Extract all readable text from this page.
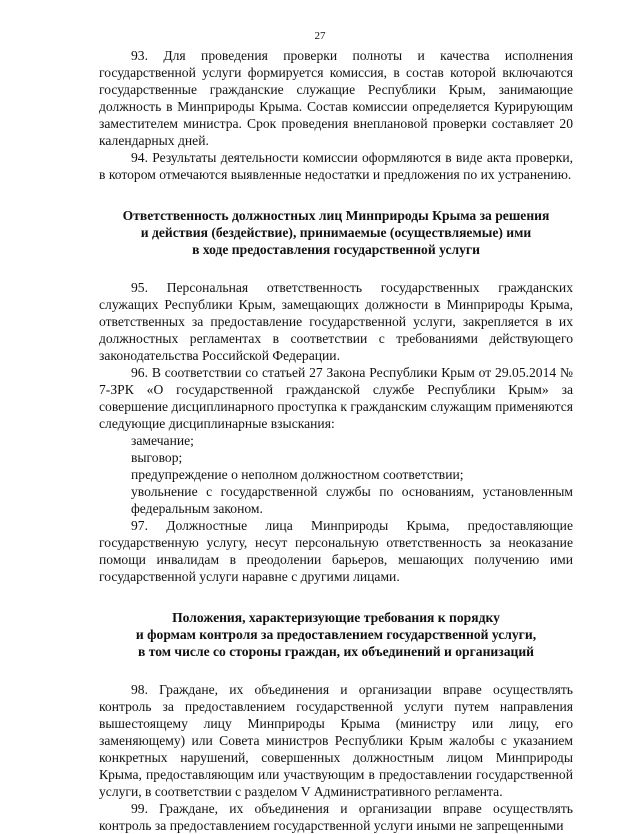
27

93. Для проведения проверки полноты и качества исполнения государственной услуги формируется комиссия, в состав которой включаются государственные гражданские служащие Республики Крым, занимающие должность в Минприроды Крыма. Состав комиссии определяется Курирующим заместителем министра. Срок проведения внеплановой проверки составляет 20 календарных дней.

94. Результаты деятельности комиссии оформляются в виде акта проверки, в котором отмечаются выявленные недостатки и предложения по их устранению.

Ответственность должностных лиц Минприроды Крыма за решения
и действия (бездействие), принимаемые (осуществляемые) ими
в ходе предоставления государственной услуги

95. Персональная ответственность государственных гражданских служащих Республики Крым, замещающих должности в Минприроды Крыма, ответственных за предоставление государственной услуги, закрепляется в их должностных регламентах в соответствии с требованиями действующего законодательства Российской Федерации.

96. В соответствии со статьей 27 Закона Республики Крым от 29.05.2014 № 7-ЗРК «О государственной гражданской службе Республики Крым» за совершение дисциплинарного проступка к гражданским служащим применяются следующие дисциплинарные взыскания:

замечание;

выговор;

предупреждение о неполном должностном соответствии;

увольнение с государственной службы по основаниям, установленным федеральным законом.

97. Должностные лица Минприроды Крыма, предоставляющие государственную услугу, несут персональную ответственность за неоказание помощи инвалидам в преодолении барьеров, мешающих получению ими государственной услуги наравне с другими лицами.

Положения, характеризующие требования к порядку
и формам контроля за предоставлением государственной услуги,
в том числе со стороны граждан, их объединений и организаций

98. Граждане, их объединения и организации вправе осуществлять контроль за предоставлением государственной услуги путем направления вышестоящему лицу Минприроды Крыма (министру или лицу, его заменяющему) или Совета министров Республики Крым жалобы с указанием конкретных нарушений, совершенных должностным лицом Минприроды Крыма, предоставляющим или участвующим в предоставлении государственной услуги, в соответствии с разделом V Административного регламента.

99. Граждане, их объединения и организации вправе осуществлять контроль за предоставлением государственной услуги иными не запрещенными
